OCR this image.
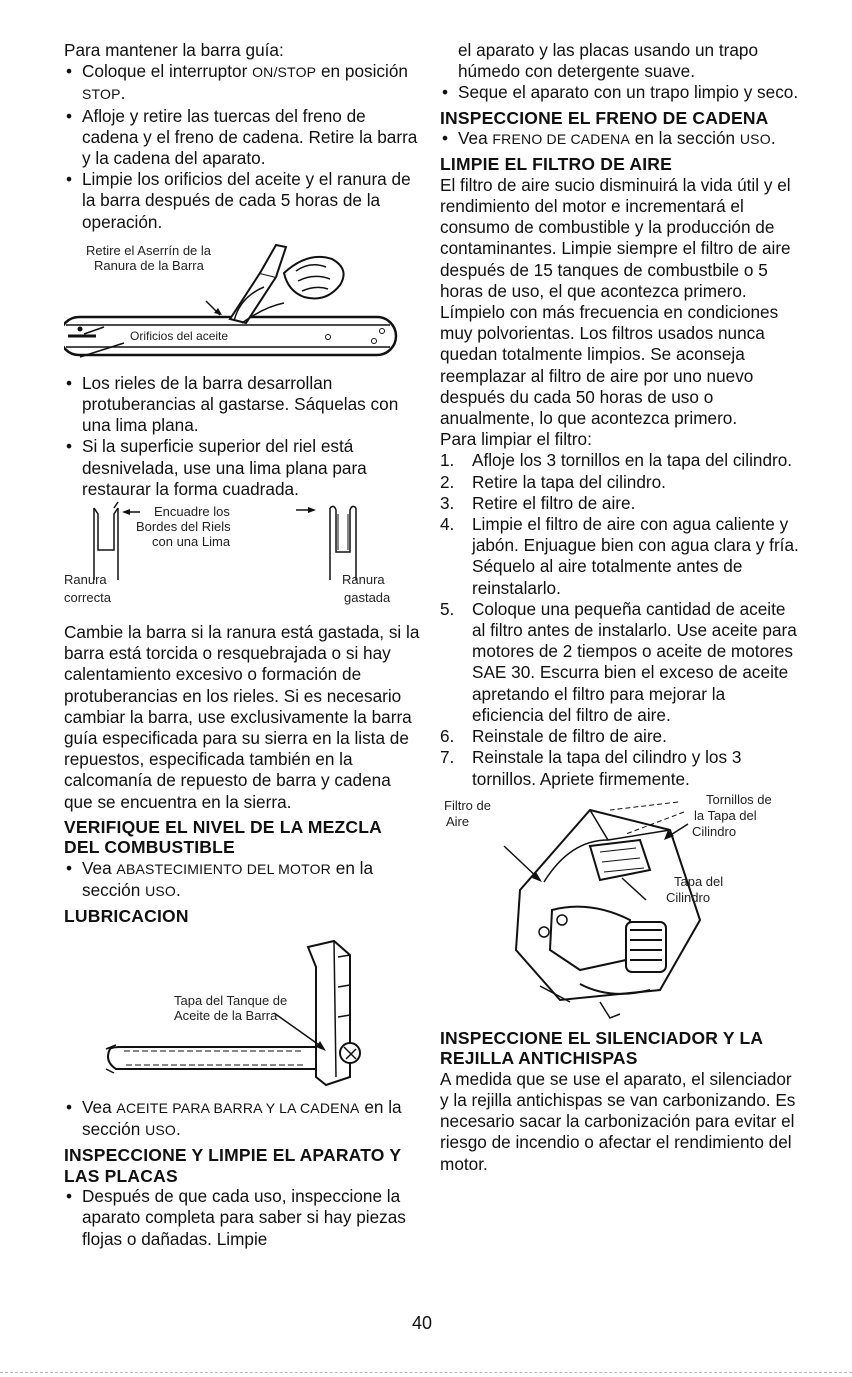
Para mantener la barra guía:

• Coloque el interruptor ON/STOP en posición STOP.
• Afloje y retire las tuercas del freno de cadena y el freno de cadena. Retire la barra y la cadena del aparato.
• Limpie los orificios del aceite y el ranura de la barra después de cada 5 horas de la operación.
Retire el Aserrín de la
Ranura de la Barra
Orificios del aceite
• Los rieles de la barra desarrollan protuberancias al gastarse. Sáquelas con una lima plana.
• Si la superficie superior del riel está desnivelada, use una lima plana para restaurar la forma cuadrada.
Encuadre los
Bordes del Riels
con una Lima
Ranura
correcta
Ranura
gastada

Cambie la barra si la ranura está gastada, si la barra está torcida o resquebrajada o si hay calentamiento excesivo o formación de protuberancias en los rieles. Si es necesario cambiar la barra, use exclusivamente la barra guía especificada para su sierra en la lista de repuestos, especificada también en la calcomanía de repuesto de barra y cadena que se encuentra en la sierra.

VERIFIQUE EL NIVEL DE LA MEZCLA DEL COMBUSTIBLE
• Vea ABASTECIMIENTO DEL MOTOR en la sección USO.
LUBRICACION
Tapa del Tanque de
Aceite de la Barra
• Vea ACEITE PARA BARRA Y LA CADENA en la sección USO.
INSPECCIONE Y LIMPIE EL APARATO Y LAS PLACAS
• Después de que cada uso, inspeccione la aparato completa para saber si hay piezas flojas o dañadas. Limpie

el aparato y las placas usando un trapo húmedo con detergente suave.

• Seque el aparato con un trapo limpio y seco.
INSPECCIONE EL FRENO DE CADENA
• Vea FRENO DE CADENA en la sección USO.
LIMPIE EL FILTRO DE AIRE

El filtro de aire sucio disminuirá la vida útil y el rendimiento del motor e incrementará el consumo de combustible y la producción de contaminantes. Limpie siempre el filtro de aire después de 15 tanques de combustbile o 5 horas de uso, el que acontezca primero. Límpielo con más frecuencia en condiciones muy polvorientas. Los filtros usados nunca quedan totalmente limpios. Se aconseja reemplazar al filtro de aire por uno nuevo después du cada 50 horas de uso o anualmente, lo que acontezca primero.

Para limpiar el filtro:

1. Afloje los 3 tornillos en la tapa del cilindro.
2. Retire la tapa del cilindro.
3. Retire el filtro de aire.
4. Limpie el filtro de aire con agua caliente y jabón. Enjuague bien con agua clara y fría. Séquelo al aire totalmente antes de reinstalarlo.
5. Coloque una pequeña cantidad de aceite al filtro antes de instalarlo. Use aceite para motores de 2 tiempos o aceite de motores SAE 30. Escurra bien el exceso de aceite apretando el filtro para mejorar la eficiencia del filtro de aire.
6. Reinstale de filtro de aire.
7. Reinstale la tapa del cilindro y los 3 tornillos. Apriete firmemente.
Filtro de
Aire
Tornillos de
la Tapa del
Cilindro
Tapa del
Cilindro
INSPECCIONE EL SILENCIADOR Y LA REJILLA ANTICHISPAS

A medida que se use el aparato, el silenciador y la rejilla antichispas se van carbonizando. Es necesario sacar la carbonización para evitar el riesgo de incendio o afectar el rendimiento del motor.

40
